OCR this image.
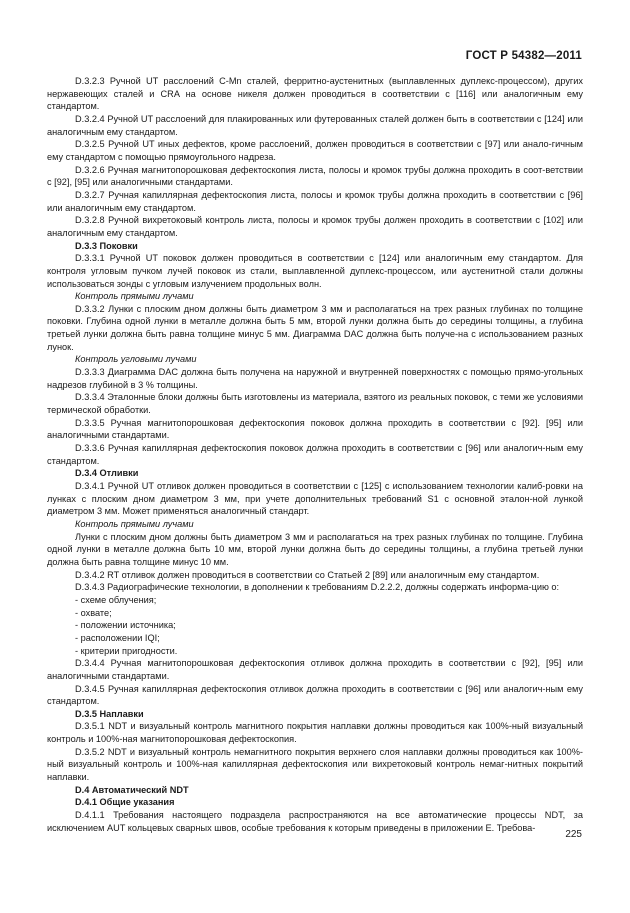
ГОСТ Р 54382—2011

D.3.2.3 Ручной UT расслоений C-Mn сталей, ферритно-аустенитных (выплавленных дуплекс-процессом), других нержавеющих сталей и CRA на основе никеля должен проводиться в соответствии с [116] или аналогичным ему стандартом.

D.3.2.4 Ручной UT расслоений для плакированных или футерованных сталей должен быть в соответствии с [124] или аналогичным ему стандартом.

D.3.2.5 Ручной UT иных дефектов, кроме расслоений, должен проводиться в соответствии с [97] или анало-гичным ему стандартом с помощью прямоугольного надреза.

D.3.2.6 Ручная магнитопорошковая дефектоскопия листа, полосы и кромок трубы должна проходить в соот-ветствии с [92], [95] или аналогичными стандартами.

D.3.2.7 Ручная капиллярная дефектоскопия листа, полосы и кромок трубы должна проходить в соответствии с [96] или аналогичным ему стандартом.

D.3.2.8 Ручной вихретоковый контроль листа, полосы и кромок трубы должен проходить в соответствии с [102] или аналогичным ему стандартом.

D.3.3 Поковки

D.3.3.1 Ручной UT поковок должен проводиться в соответствии с [124] или аналогичным ему стандартом. Для контроля угловым пучком лучей поковок из стали, выплавленной дуплекс-процессом, или аустенитной стали должны использоваться зонды с угловым излучением продольных волн.

Контроль прямыми лучами

D.3.3.2 Лунки с плоским дном должны быть диаметром 3 мм и располагаться на трех разных глубинах по толщине поковки. Глубина одной лунки в металле должна быть 5 мм, второй лунки должна быть до середины толщины, а глубина третьей лунки должна быть равна толщине минус 5 мм. Диаграмма DAC должна быть получе-на с использованием разных лунок.

Контроль угловыми лучами

D.3.3.3 Диаграмма DAC должна быть получена на наружной и внутренней поверхностях с помощью прямо-угольных надрезов глубиной в 3 % толщины.

D.3.3.4 Эталонные блоки должны быть изготовлены из материала, взятого из реальных поковок, с теми же условиями термической обработки.

D.3.3.5 Ручная магнитопорошковая дефектоскопия поковок должна проходить в соответствии с [92]. [95] или аналогичными стандартами.

D.3.3.6 Ручная капиллярная дефектоскопия поковок должна проходить в соответствии с [96] или аналогич-ным ему стандартом.

D.3.4 Отливки

D.3.4.1 Ручной UT отливок должен проводиться в соответствии с [125] с использованием технологии калиб-ровки на лунках с плоским дном диаметром 3 мм, при учете дополнительных требований S1 с основной эталон-ной лункой диаметром 3 мм. Может применяться аналогичный стандарт.

Контроль прямыми лучами

Лунки с плоским дном должны быть диаметром 3 мм и располагаться на трех разных глубинах по толщине. Глубина одной лунки в металле должна быть 10 мм, второй лунки должна быть до середины толщины, а глубина третьей лунки должна быть равна толщине минус 10 мм.

D.3.4.2 RT отливок должен проводиться в соответствии со Статьей 2 [89] или аналогичным ему стандартом.

D.3.4.3 Радиографические технологии, в дополнении к требованиям D.2.2.2, должны содержать информа-цию о:

- схеме облучения;

- охвате;

- положении источника;

- расположении IQI;

- критерии пригодности.

D.3.4.4 Ручная магнитопорошковая дефектоскопия отливок должна проходить в соответствии с [92], [95] или аналогичными стандартами.

D.3.4.5 Ручная капиллярная дефектоскопия отливок должна проходить в соответствии с [96] или аналогич-ным ему стандартом.

D.3.5 Наплавки

D.3.5.1 NDT и визуальный контроль магнитного покрытия наплавки должны проводиться как 100%-ный визуальный контроль и 100%-ная магнитопорошковая дефектоскопия.

D.3.5.2 NDT и визуальный контроль немагнитного покрытия верхнего слоя наплавки должны проводиться как 100%-ный визуальный контроль и 100%-ная капиллярная дефектоскопия или вихретоковый контроль немаг-нитных покрытий наплавки.

D.4 Автоматический NDT

D.4.1 Общие указания

D.4.1.1 Требования настоящего подраздела распространяются на все автоматические процессы NDT, за исключением AUT кольцевых сварных швов, особые требования к которым приведены в приложении E. Требова-

225
